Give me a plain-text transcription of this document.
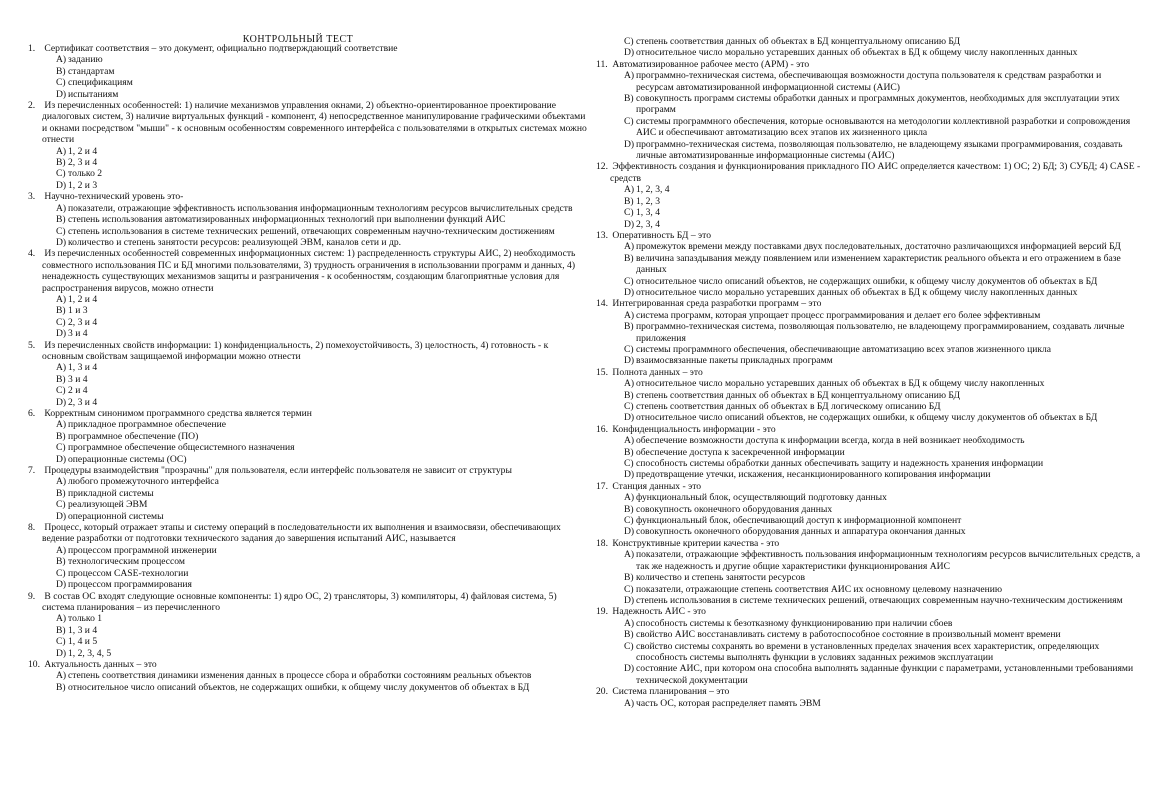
КОНТРОЛЬНЫЙ ТЕСТ
1. Сертификат соответствия – это документ, официально подтверждающий соответствие
A) заданию
B) стандартам
C) спецификациям
D) испытаниям
2. Из перечисленных особенностей: 1) наличие механизмов управления окнами, 2) объектно-ориентированное проектирование диалоговых систем, 3) наличие виртуальных функций - компонент, 4) непосредственное манипулирование графическими объектами и окнами посредством "мыши" - к основным особенностям современного интерфейса с пользователями в открытых системах можно отнести
A) 1, 2 и 4
B) 2, 3 и 4
C) только 2
D) 1, 2 и 3
3. Научно-технический уровень это-
A) показатели, отражающие эффективность использования информационным технологиям ресурсов вычислительных средств
B) степень использования автоматизированных информационных технологий при выполнении функций АИС
C) степень использования в системе технических решений, отвечающих современным научно-техническим достижениям
D) количество и степень занятости ресурсов: реализующей ЭВМ, каналов сети и др.
4. Из перечисленных особенностей современных информационных систем: 1) распределенность структуры АИС, 2) необходимость совместного использования ПС и БД многими пользователями, 3) трудность ограничения в использовании программ и данных, 4) ненадежность существующих механизмов защиты и разграничения - к особенностям, создающим благоприятные условия для распространения вирусов, можно отнести
A) 1, 2 и 4
B) 1 и 3
C) 2, 3 и 4
D) 3 и 4
5. Из перечисленных свойств информации: 1) конфиденциальность, 2) помехоустойчивость, 3) целостность, 4) готовность - к основным свойствам защищаемой информации можно отнести
A) 1, 3 и 4
B) 3 и 4
C) 2 и 4
D) 2, 3 и 4
6. Корректным синонимом программного средства является термин
A) прикладное программное обеспечение
B) программное обеспечение (ПО)
C) программное обеспечение общесистемного назначения
D) операционные системы (ОС)
7. Процедуры взаимодействия "прозрачны" для пользователя, если интерфейс пользователя не зависит от структуры
A) любого промежуточного интерфейса
B) прикладной системы
C) реализующей ЭВМ
D) операционной системы
8. Процесс, который отражает этапы и систему операций в последовательности их выполнения и взаимосвязи, обеспечивающих ведение разработки от подготовки технического задания до завершения испытаний АИС, называется
A) процессом программной инженерии
B) технологическим процессом
C) процессом CASE-технологии
D) процессом программирования
9. В состав ОС входят следующие основные компоненты: 1) ядро ОС, 2) трансляторы, 3) компиляторы, 4) файловая система, 5) система планирования – из перечисленного
A) только 1
B) 1, 3 и 4
C) 1, 4 и 5
D) 1, 2, 3, 4, 5
10. Актуальность данных – это
A) степень соответствия динамики изменения данных в процессе сбора и обработки состояниям реальных объектов
B) относительное число описаний объектов, не содержащих ошибки, к общему числу документов об объектах в БД
C) степень соответствия данных об объектах в БД концептуальному описанию БД
D) относительное число морально устаревших данных об объектах в БД к общему числу накопленных данных
11. Автоматизированное рабочее место (АРМ) - это
A) программно-техническая система, обеспечивающая возможности доступа пользователя к средствам разработки и ресурсам автоматизированной информационной системы (АИС)
B) совокупность программ системы обработки данных и программных документов, необходимых для эксплуатации этих программ
C) системы программного обеспечения, которые основываются на методологии коллективной разработки и сопровождения АИС и обеспечивают автоматизацию всех этапов их жизненного цикла
D) программно-техническая система, позволяющая пользователю, не владеющему языками программирования, создавать личные автоматизированные информационные системы (АИС)
12. Эффективность создания и функционирования прикладного ПО АИС определяется качеством: 1) ОС; 2) БД; 3) СУБД; 4) CASE - средств
A) 1, 2, 3, 4
B) 1, 2, 3
C) 1, 3, 4
D) 2, 3, 4
13. Оперативность БД – это
A) промежуток времени между поставками двух последовательных, достаточно различающихся информацией версий БД
B) величина запаздывания между появлением или изменением характеристик реального объекта и его отражением в базе данных
C) относительное число описаний объектов, не содержащих ошибки, к общему числу документов об объектах в БД
D) относительное число морально устаревших данных об объектах в БД к общему числу накопленных данных
14. Интегрированная среда разработки программ – это
A) система программ, которая упрощает процесс программирования и делает его более эффективным
B) программно-техническая система, позволяющая пользователю, не владеющему программированием, создавать личные приложения
C) системы программного обеспечения, обеспечивающие автоматизацию всех этапов жизненного цикла
D) взаимосвязанные пакеты прикладных программ
15. Полнота данных – это
A) относительное число морально устаревших данных об объектах в БД к общему числу накопленных
B) степень соответствия данных об объектах в БД концептуальному описанию БД
C) степень соответствия данных об объектах в БД логическому описанию БД
D) относительное число описаний объектов, не содержащих ошибки, к общему числу документов об объектах в БД
16. Конфиденциальность информации - это
A) обеспечение возможности доступа к информации всегда, когда в ней возникает необходимость
B) обеспечение доступа к засекреченной информации
C) способность системы обработки данных обеспечивать защиту и надежность хранения информации
D) предотвращение утечки, искажения, несанкционированного копирования информации
17. Станция данных - это
A) функциональный блок, осуществляющий подготовку данных
B) совокупность оконечного оборудования данных
C) функциональный блок, обеспечивающий доступ к информационной компонент
D) совокупность оконечного оборудования данных и аппаратура окончания данных
18. Конструктивные критерии качества - это
A) показатели, отражающие эффективность пользования информационным технологиям ресурсов вычислительных средств, а так же надежность и другие общие характеристики функционирования АИС
B) количество и степень занятости ресурсов
C) показатели, отражающие степень соответствия АИС их основному целевому назначению
D) степень использования в системе технических решений, отвечающих современным научно-техническим достижениям
19. Надежность АИС - это
A) способность системы к безотказному функционированию при наличии сбоев
B) свойство АИС восстанавливать систему в работоспособное состояние в произвольный момент времени
C) свойство системы сохранять во времени в установленных пределах значения всех характеристик, определяющих способность системы выполнять функции в условиях заданных режимов эксплуатации
D) состояние АИС, при котором она способна выполнять заданные функции с параметрами, установленными требованиями технической документации
20. Система планирования – это
A) часть ОС, которая распределяет память ЭВМ
